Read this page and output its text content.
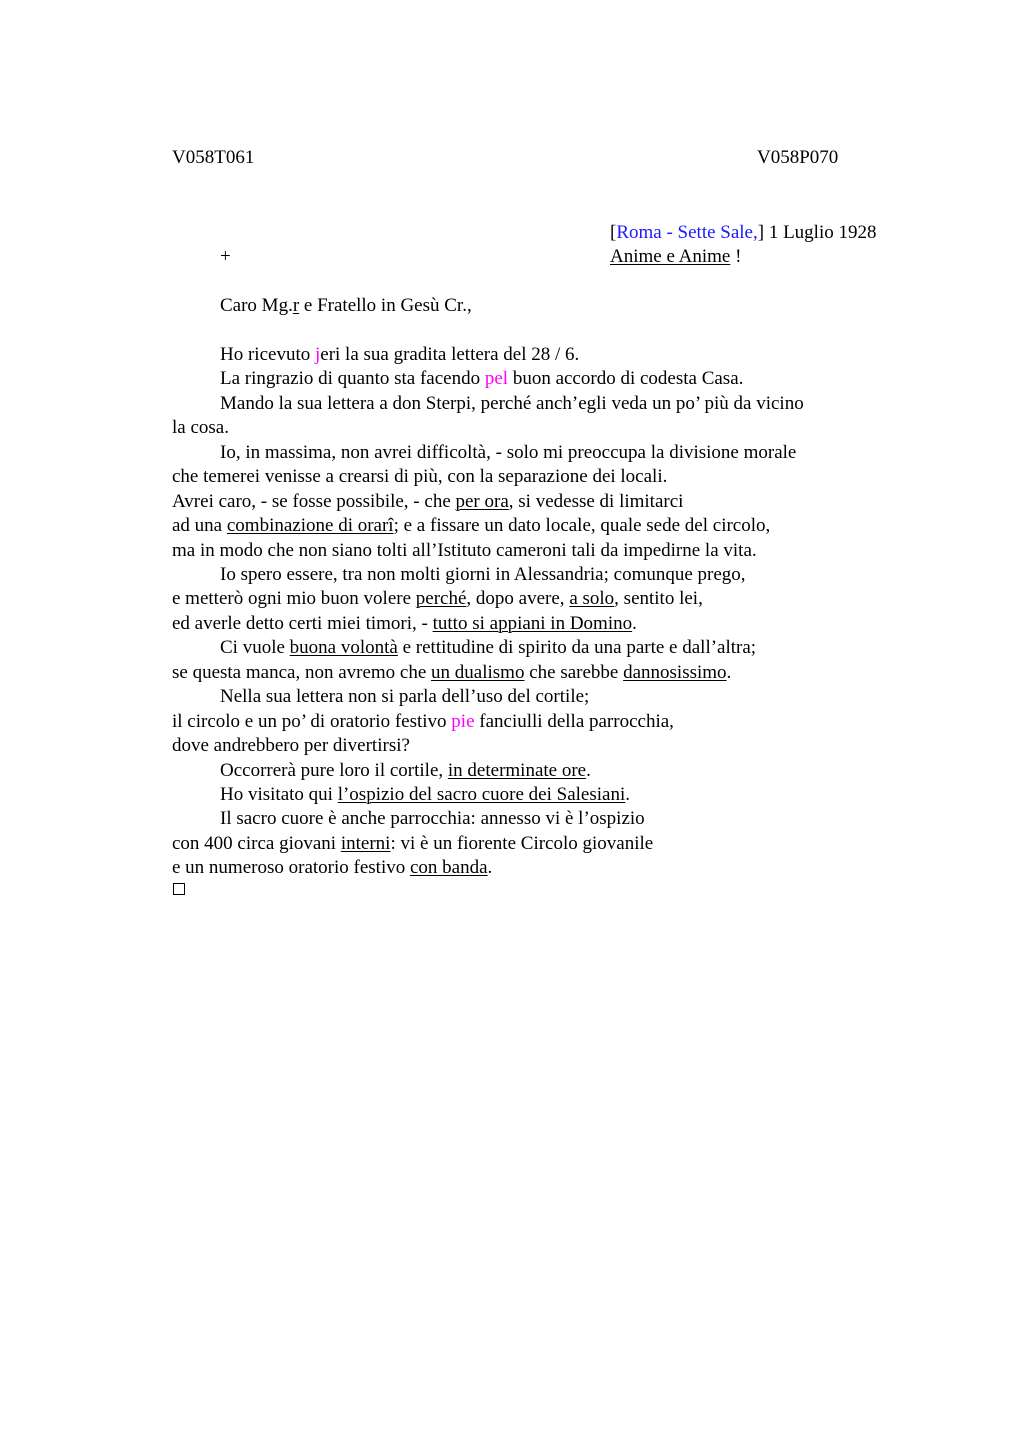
V058T061	V058P070
[Roma - Sette Sale,] 1 Luglio 1928
+	Anime e Anime !
Caro Mg.r e Fratello in Gesù Cr.,
Ho ricevuto jeri la sua gradita lettera del 28 / 6.
La ringrazio di quanto sta facendo pel buon accordo di codesta Casa.
Mando la sua lettera a don Sterpi, perché anch’egli veda un po’ più da vicino
la cosa.
Io, in massima, non avrei difficoltà, - solo mi preoccupa la divisione morale
che temerei venisse a crearsi di più, con la separazione dei locali.
Avrei caro, - se fosse possibile, - che per ora, si vedesse di limitarci
ad una combinazione di orarî; e a fissare un dato locale, quale sede del circolo,
ma in modo che non siano tolti all’Istituto cameroni tali da impedirne la vita.
Io spero essere, tra non molti giorni in Alessandria; comunque prego,
e metterò ogni mio buon volere perché, dopo avere, a solo, sentito lei,
ed averle detto certi miei timori, - tutto si appiani in Domino.
Ci vuole buona volontà e rettitudine di spirito da una parte e dall’altra;
se questa manca, non avremo che un dualismo che sarebbe dannosissimo.
Nella sua lettera non si parla dell’uso del cortile;
il circolo e un po’ di oratorio festivo pie fanciulli della parrocchia,
dove andrebbero per divertirsi?
Occorrerà pure loro il cortile, in determinate ore.
Ho visitato qui l’ospizio del sacro cuore dei Salesiani.
Il sacro cuore è anche parrocchia: annesso vi è l’ospizio
con 400 circa giovani interni: vi è un fiorente Circolo giovanile
e un numeroso oratorio festivo con banda.
